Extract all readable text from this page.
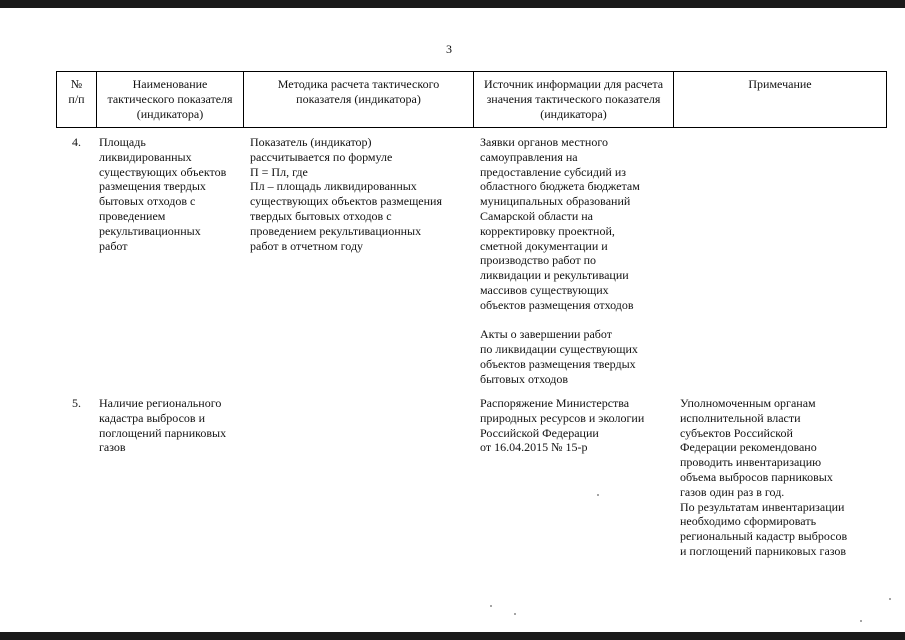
3
№
п/п
Наименование
тактического показателя
(индикатора)
Методика расчета тактического
показателя (индикатора)
Источник информации для расчета
значения тактического показателя
(индикатора)
Примечание
4. Площадь
ликвидированных
существующих объектов
размещения твердых
бытовых отходов с
проведением
рекультивационных
работ
Показатель (индикатор)
рассчитывается по формуле
П = Пл, где
Пл – площадь ликвидированных
существующих объектов размещения
твердых бытовых отходов с
проведением рекультивационных
работ в отчетном году
Заявки органов местного
самоуправления на
предоставление субсидий из
областного бюджета бюджетам
муниципальных образований
Самарской области на
корректировку проектной,
сметной документации и
производство работ по
ликвидации и рекультивации
массивов существующих
объектов размещения отходов
Акты о завершении работ
по ликвидации существующих
объектов размещения твердых
бытовых отходов
5. Наличие регионального
кадастра выбросов и
поглощений парниковых
газов
Распоряжение Министерства
природных ресурсов и экологии
Российской Федерации
от 16.04.2015 № 15-р
Уполномоченным органам
исполнительной власти
субъектов Российской
Федерации рекомендовано
проводить инвентаризацию
объема выбросов парниковых
газов один раз в год.
По результатам инвентаризации
необходимо сформировать
региональный кадастр выбросов
и поглощений парниковых газов
